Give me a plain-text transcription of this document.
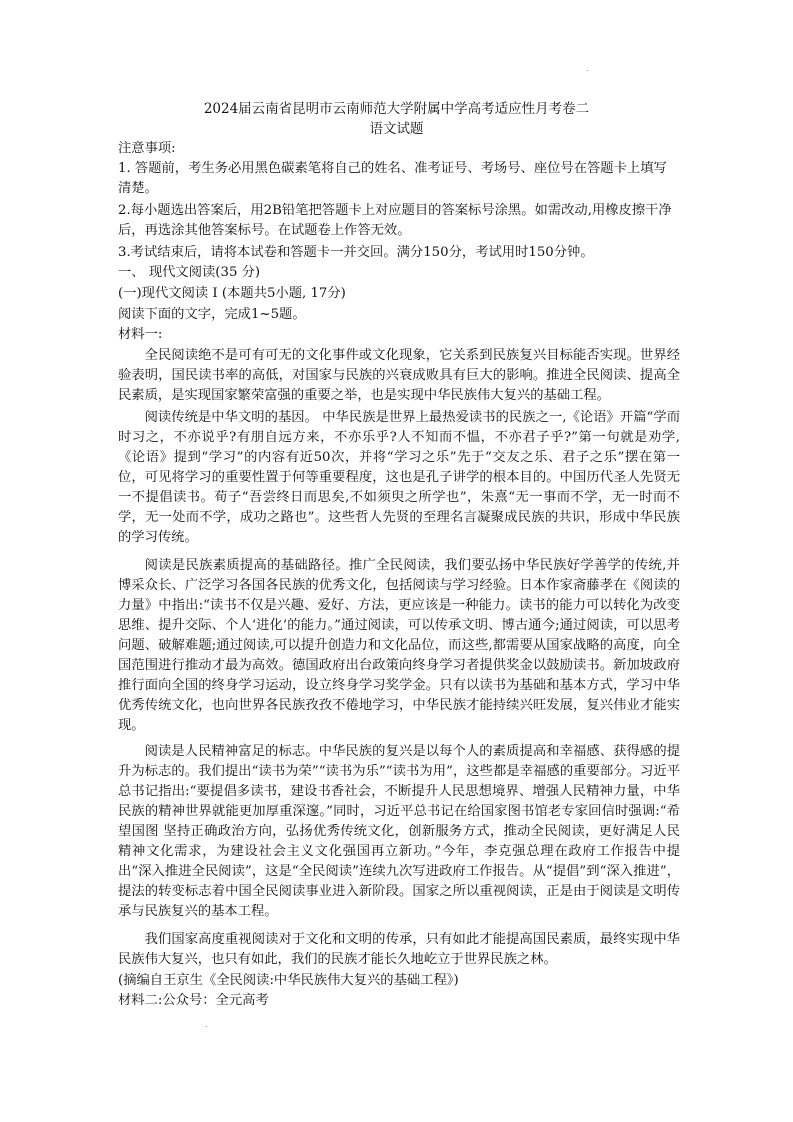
.
2024届云南省昆明市云南师范大学附属中学高考适应性月考卷二
语文试题
注意事项:

1. 答题前，考生务必用黑色碳素笔将自己的姓名、准考证号、考场号、座位号在答题卡上填写清楚。

2.每小题选出答案后，用2B铅笔把答题卡上对应题目的答案标号涂黑。如需改动,用橡皮擦干净后，再选涂其他答案标号。在试题卷上作答无效。

3.考试结束后，请将本试卷和答题卡一并交回。满分150分，考试用时150分钟。

一、 现代文阅读(35 分)
(一)现代文阅读 I (本题共5小题, 17分)
阅读下面的文字，完成1~5题。
材料一:

全民阅读绝不是可有可无的文化事件或文化现象，它关系到民族复兴目标能否实现。世界经验表明，国民读书率的高低，对国家与民族的兴衰成败具有巨大的影响。推进全民阅读、提高全民素质，是实现国家繁荣富强的重要之举，也是实现中华民族伟大复兴的基础工程。

阅读传统是中华文明的基因。 中华民族是世界上最热爱读书的民族之一,《论语》开篇“学而时习之，不亦说乎?有朋自远方来，不亦乐乎?人不知而不愠，不亦君子乎?”第一句就是劝学,《论语》提到“学习”的内容有近50次，并将“学习之乐”先于“交友之乐、君子之乐”摆在第一位，可见将学习的重要性置于何等重要程度，这也是孔子讲学的根本目的。中国历代圣人先贤无一不提倡读书。荀子“吾尝终日而思矣,不如须臾之所学也”，朱熹“无一事而不学，无一时而不学，无一处而不学，成功之路也”。这些哲人先贤的至理名言凝聚成民族的共识，形成中华民族的学习传统。

阅读是民族素质提高的基础路径。推广全民阅读，我们要弘扬中华民族好学善学的传统,并博采众长、广泛学习各国各民族的优秀文化，包括阅读与学习经验。日本作家斋藤孝在《阅读的力量》中指出:“读书不仅是兴趣、爱好、方法，更应该是一种能力。读书的能力可以转化为改变思维、提升交际、个人‘进化’的能力。”通过阅读，可以传承文明、博古通今;通过阅读，可以思考问题、破解难题;通过阅读,可以提升创造力和文化品位，而这些,都需要从国家战略的高度，向全国范围进行推动才最为高效。德国政府出台政策向终身学习者提供奖金以鼓励读书。新加坡政府推行面向全国的终身学习运动，设立终身学习奖学金。只有以读书为基础和基本方式，学习中华优秀传统文化，也向世界各民族孜孜不倦地学习，中华民族才能持续兴旺发展，复兴伟业才能实现。

阅读是人民精神富足的标志。中华民族的复兴是以每个人的素质提高和幸福感、获得感的提升为标志的。我们提出“读书为荣”“读书为乐”“读书为用”，这些都是幸福感的重要部分。习近平总书记指出:“要提倡多读书，建设书香社会，不断提升人民思想境界、增强人民精神力量，中华民族的精神世界就能更加厚重深邃。”同时，习近平总书记在给国家图书馆老专家回信时强调:“希望国图 坚持正确政治方向，弘扬优秀传统文化，创新服务方式，推动全民阅读，更好满足人民精神文化需求，为建设社会主义文化强国再立新功。”今年，李克强总理在政府工作报告中提出“深入推进全民阅读”，这是“全民阅读”连续九次写进政府工作报告。从“提倡”到“深入推进”，提法的转变标志着中国全民阅读事业进入新阶段。国家之所以重视阅读，正是由于阅读是文明传承与民族复兴的基本工程。

我们国家高度重视阅读对于文化和文明的传承，只有如此才能提高国民素质，最终实现中华民族伟大复兴，也只有如此，我们的民族才能长久地屹立于世界民族之林。

(摘编自王京生《全民阅读:中华民族伟大复兴的基础工程》)
材料二:公众号：全元高考
.
